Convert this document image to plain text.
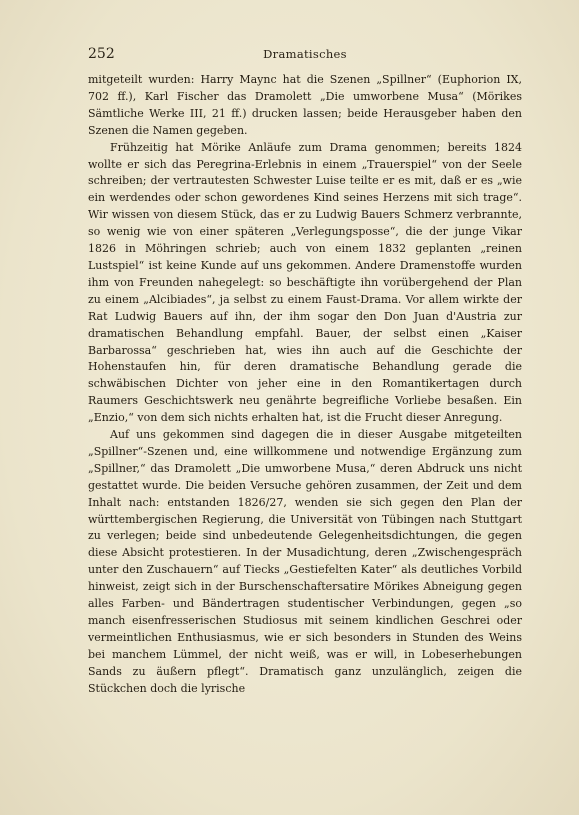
252	Dramatisches

mitgeteilt wurden: Harry Maync hat die Szenen „Spillner“ (Euphorion IX, 702 ff.), Karl Fischer das Dramolett „Die umworbene Musa“ (Mörikes Sämtliche Werke III, 21 ff.) drucken lassen; beide Herausgeber haben den Szenen die Namen gegeben.

Frühzeitig hat Mörike Anläufe zum Drama genommen; bereits 1824 wollte er sich das Peregrina-Erlebnis in einem „Trauerspiel“ von der Seele schreiben; der vertrautesten Schwester Luise teilte er es mit, daß er es „wie ein werdendes oder schon gewordenes Kind seines Herzens mit sich trage“. Wir wissen von diesem Stück, das er zu Ludwig Bauers Schmerz verbrannte, so wenig wie von einer späteren „Verlegungsposse“, die der junge Vikar 1826 in Möhringen schrieb; auch von einem 1832 geplanten „reinen Lustspiel“ ist keine Kunde auf uns gekommen. Andere Dramenstoffe wurden ihm von Freunden nahegelegt: so beschäftigte ihn vorübergehend der Plan zu einem „Alcibiades“, ja selbst zu einem Faust-Drama. Vor allem wirkte der Rat Ludwig Bauers auf ihn, der ihm sogar den Don Juan d'Austria zur dramatischen Behandlung empfahl. Bauer, der selbst einen „Kaiser Barbarossa“ geschrieben hat, wies ihn auch auf die Geschichte der Hohenstaufen hin, für deren dramatische Behandlung gerade die schwäbischen Dichter von jeher eine in den Romantikertagen durch Raumers Geschichtswerk neu genährte begreifliche Vorliebe besaßen. Ein „Enzio,“ von dem sich nichts erhalten hat, ist die Frucht dieser Anregung.

Auf uns gekommen sind dagegen die in dieser Ausgabe mitgeteilten „Spillner“-Szenen und, eine willkommene und notwendige Ergänzung zum „Spillner,“ das Dramolett „Die umworbene Musa,“ deren Abdruck uns nicht gestattet wurde. Die beiden Versuche gehören zusammen, der Zeit und dem Inhalt nach: entstanden 1826/27, wenden sie sich gegen den Plan der württembergischen Regierung, die Universität von Tübingen nach Stuttgart zu verlegen; beide sind unbedeutende Gelegenheitsdichtungen, die gegen diese Absicht protestieren. In der Musadichtung, deren „Zwischengespräch unter den Zuschauern“ auf Tiecks „Gestiefelten Kater“ als deutliches Vorbild hinweist, zeigt sich in der Burschenschaftersatire Mörikes Abneigung gegen alles Farben- und Bändertragen studentischer Verbindungen, gegen „so manch eisenfresserischen Studiosus mit seinem kindlichen Geschrei oder vermeintlichen Enthusiasmus, wie er sich besonders in Stunden des Weins bei manchem Lümmel, der nicht weiß, was er will, in Lobeserhebungen Sands zu äußern pflegt“. Dramatisch ganz unzulänglich, zeigen die Stückchen doch die lyrische
